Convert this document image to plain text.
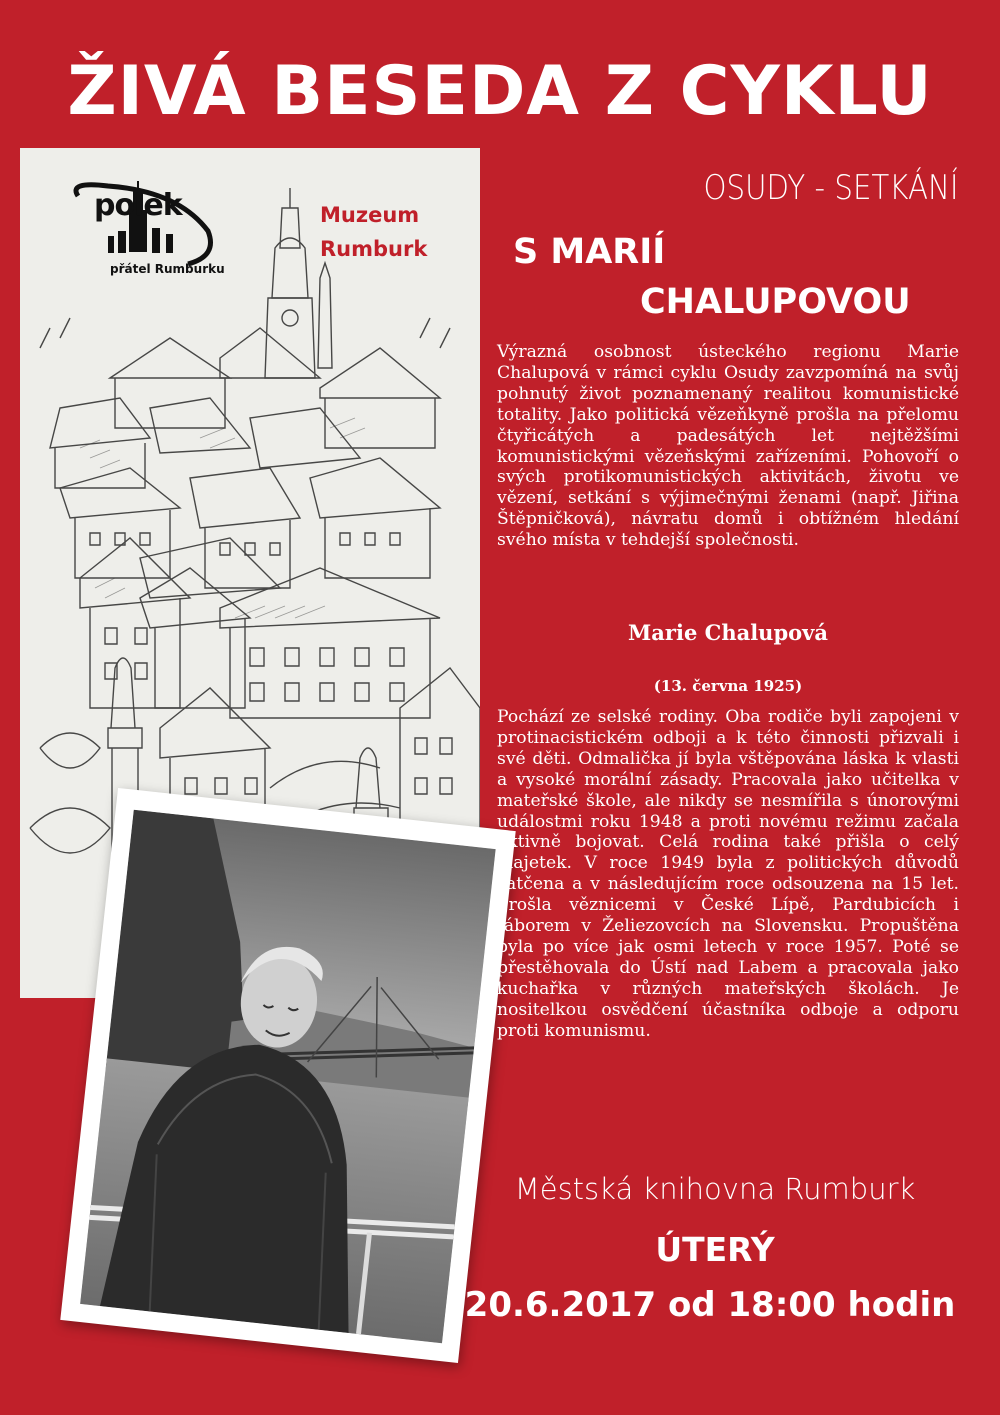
ŽIVÁ BESEDA Z CYKLU
polek
přátel Rumburku
Muzeum
Rumburk
OSUDY - SETKÁNÍ
S MARIÍ
CHALUPOVOU
Výrazná osobnost ústeckého regionu Marie Chalupová v rámci cyklu Osudy zavzpomíná na svůj pohnutý život poznamenaný realitou komunistické totality. Jako politická vězeňkyně prošla na přelomu čtyřicátých a padesátých let nejtěžšími komunistickými vězeňskými zařízeními. Pohovoří o svých protikomunistických aktivitách, životu ve vězení, setkání s výjimečnými ženami (např. Jiřina Štěpničková), návratu domů i obtížném hledání svého místa v tehdejší společnosti.
Marie Chalupová
(13. června 1925)
Pochází ze selské rodiny. Oba rodiče byli zapojeni v protinacistickém odboji a k této činnosti přizvali i své děti. Odmalička jí byla vštěpována láska k vlasti a vysoké morální zásady. Pracovala jako učitelka v mateřské škole, ale nikdy se nesmířila s únorovými událostmi roku 1948 a proti novému režimu začala aktivně bojovat. Celá rodina také přišla o celý majetek. V roce 1949 byla z politických důvodů zatčena a v následujícím roce odsouzena na 15 let. Prošla věznicemi v České Lípě, Pardubicích i táborem v Želiezovcích na Slovensku. Propuštěna byla po více jak osmi letech v roce 1957. Poté se přestěhovala do Ústí nad Labem a pracovala jako kuchařka v různých mateřských školách. Je nositelkou osvědčení účastníka odboje a odporu proti komunismu.
Městská knihovna Rumburk
ÚTERÝ
20.6.2017 od 18:00 hodin
